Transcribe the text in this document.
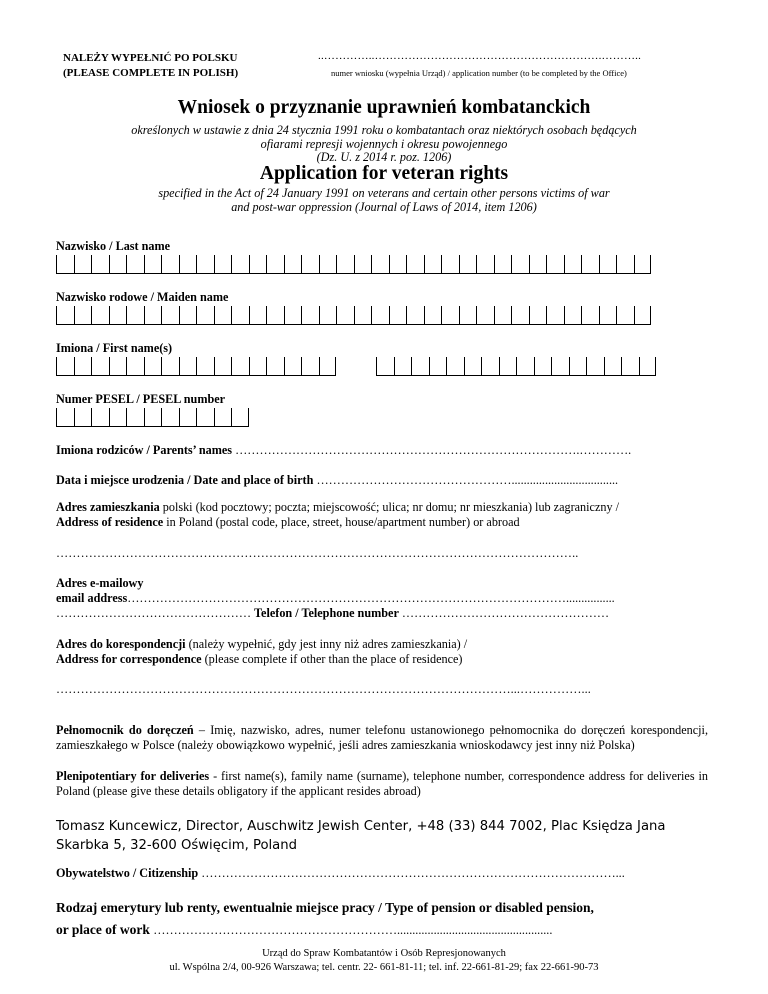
NALEŻY WYPEŁNIĆ PO POLSKU
(PLEASE COMPLETE IN POLISH)
..…………..…………………………………………………….………..
numer wniosku (wypełnia Urząd) / application number (to be completed by the Office)
Wniosek o przyznanie uprawnień kombatanckich
określonych w ustawie z dnia 24 stycznia 1991 roku o kombatantach oraz niektórych osobach będących
ofiarami represji wojennych i okresu powojennego
(Dz. U. z 2014 r. poz. 1206)
Application for veteran rights
specified in the Act of 24 January 1991 on veterans and certain other persons victims of war
and post-war oppression (Journal of Laws of 2014, item 1206)
Nazwisko / Last name
Nazwisko rodowe / Maiden name
Imiona / First name(s)
Numer PESEL / PESEL number
Imiona rodziców / Parents’ names ………………………………………………………………………….………….
Data i miejsce urodzenia / Date and place of birth …………………………………………...................................
Adres zamieszkania polski (kod pocztowy; poczta; miejscowość; ulica; nr domu; nr mieszkania) lub zagraniczny /
Address of residence in Poland (postal code, place, street, house/apartment number) or abroad
………………………………………………………………………………………………………………..
Adres e-mailowy
email address………………………………………………………………………………………………................
………………………………………… Telefon / Telephone number ……………………………………………
Adres do korespondencji (należy wypełnić, gdy jest inny niż adres zamieszkania) /
Address for correspondence (please complete if other than the place of residence)
…………………………………………………………………………………………………...……………...
Pełnomocnik do doręczeń – Imię, nazwisko, adres, numer telefonu ustanowionego pełnomocnika do doręczeń korespondencji, zamieszkałego w Polsce (należy obowiązkowo wypełnić, jeśli adres zamieszkania wnioskodawcy jest inny niż Polska)
Plenipotentiary for deliveries - first name(s), family name (surname), telephone number, correspondence address for deliveries in Poland (please give these details obligatory if the applicant resides abroad)
Tomasz Kuncewicz, Director, Auschwitz Jewish Center, +48 (33) 844 7002, Plac Księdza Jana Skarbka 5, 32-600 Oświęcim, Poland
Obywatelstwo / Citizenship …………………………………………………………………………………………...
Rodzaj emerytury lub renty, ewentualnie miejsce pracy / Type of pension or disabled pension,
or place of work ……………………………………………………...................................................
Urząd do Spraw Kombatantów i Osób Represjonowanych
ul. Wspólna 2/4, 00-926 Warszawa; tel. centr. 22- 661-81-11; tel. inf. 22-661-81-29; fax 22-661-90-73
